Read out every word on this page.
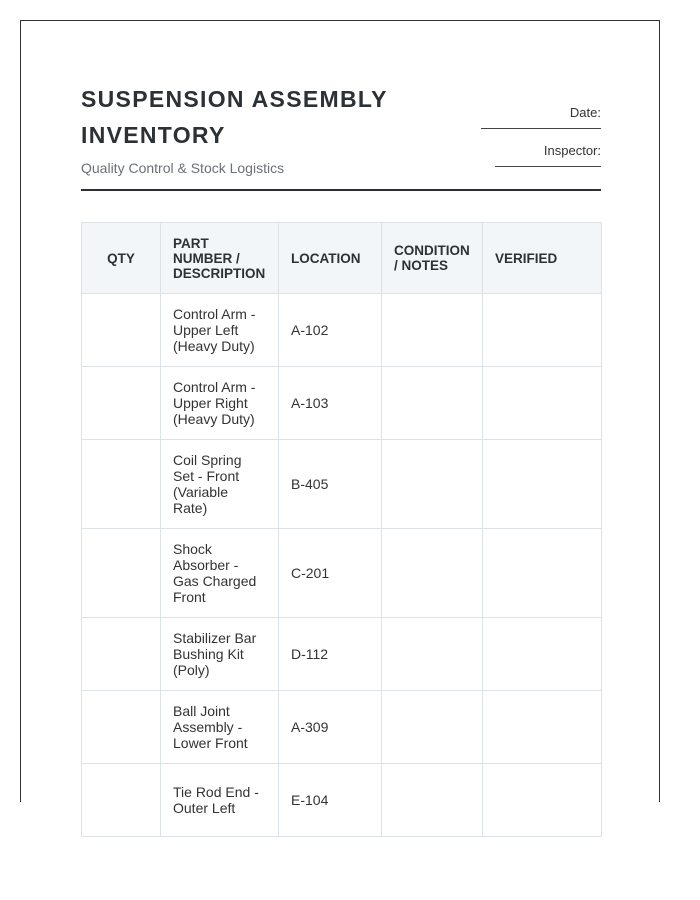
SUSPENSION ASSEMBLY INVENTORY
Quality Control & Stock Logistics
Date:
Inspector:
QTY	PART NUMBER / DESCRIPTION	LOCATION	CONDITION / NOTES	VERIFIED
	Control Arm - Upper Left (Heavy Duty)	A-102		
	Control Arm - Upper Right (Heavy Duty)	A-103		
	Coil Spring Set - Front (Variable Rate)	B-405		
	Shock Absorber - Gas Charged Front	C-201		
	Stabilizer Bar Bushing Kit (Poly)	D-112		
	Ball Joint Assembly - Lower Front	A-309		
	Tie Rod End - Outer Left	E-104		
